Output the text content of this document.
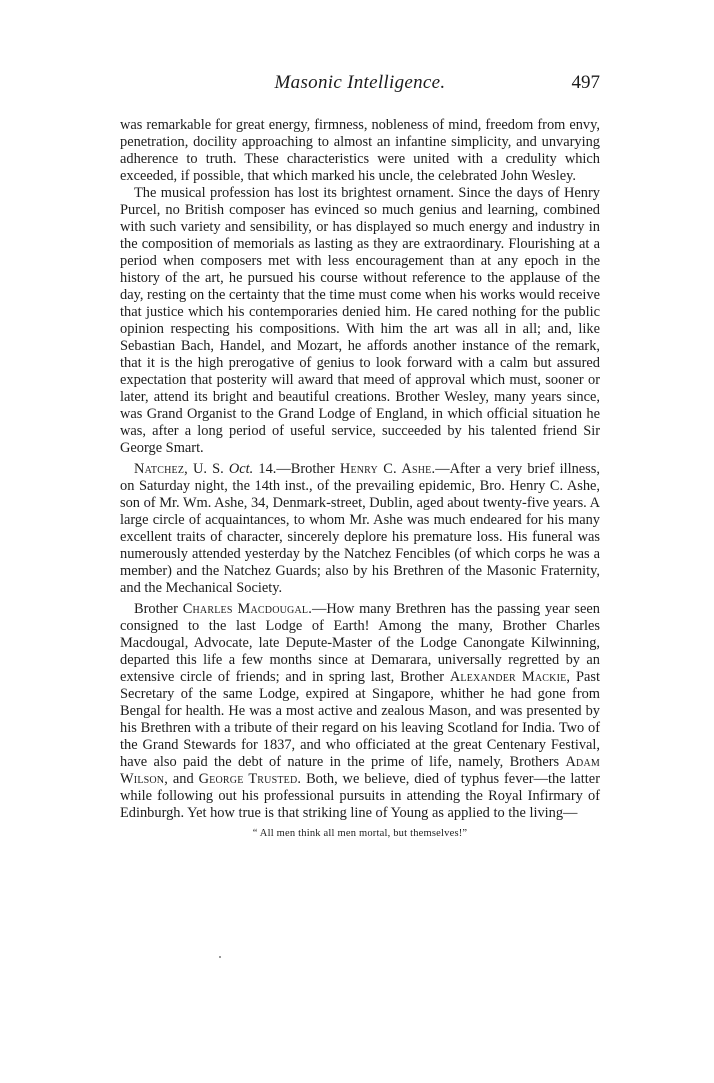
Masonic Intelligence.	497

was remarkable for great energy, firmness, nobleness of mind, freedom from envy, penetration, docility approaching to almost an infantine simplicity, and unvarying adherence to truth. These characteristics were united with a credulity which exceeded, if possible, that which marked his uncle, the celebrated John Wesley.

The musical profession has lost its brightest ornament. Since the days of Henry Purcel, no British composer has evinced so much genius and learning, combined with such variety and sensibility, or has displayed so much energy and industry in the composition of memorials as lasting as they are extraordinary. Flourishing at a period when composers met with less encouragement than at any epoch in the history of the art, he pursued his course without reference to the applause of the day, resting on the certainty that the time must come when his works would receive that justice which his contemporaries denied him. He cared nothing for the public opinion respecting his compositions. With him the art was all in all; and, like Sebastian Bach, Handel, and Mozart, he affords another instance of the remark, that it is the high prerogative of genius to look forward with a calm but assured expectation that posterity will award that meed of approval which must, sooner or later, attend its bright and beautiful creations. Brother Wesley, many years since, was Grand Organist to the Grand Lodge of England, in which official situation he was, after a long period of useful service, succeeded by his talented friend Sir George Smart.

Natchez, U. S. Oct. 14.—Brother Henry C. Ashe.—After a very brief illness, on Saturday night, the 14th inst., of the prevailing epidemic, Bro. Henry C. Ashe, son of Mr. Wm. Ashe, 34, Denmark-street, Dublin, aged about twenty-five years. A large circle of acquaintances, to whom Mr. Ashe was much endeared for his many excellent traits of character, sincerely deplore his premature loss. His funeral was numerously attended yesterday by the Natchez Fencibles (of which corps he was a member) and the Natchez Guards; also by his Brethren of the Masonic Fraternity, and the Mechanical Society.

Brother Charles Macdougal.—How many Brethren has the passing year seen consigned to the last Lodge of Earth! Among the many, Brother Charles Macdougal, Advocate, late Depute-Master of the Lodge Canongate Kilwinning, departed this life a few months since at Demarara, universally regretted by an extensive circle of friends; and in spring last, Brother Alexander Mackie, Past Secretary of the same Lodge, expired at Singapore, whither he had gone from Bengal for health. He was a most active and zealous Mason, and was presented by his Brethren with a tribute of their regard on his leaving Scotland for India. Two of the Grand Stewards for 1837, and who officiated at the great Centenary Festival, have also paid the debt of nature in the prime of life, namely, Brothers Adam Wilson, and George Trusted. Both, we believe, died of typhus fever—the latter while following out his professional pursuits in attending the Royal Infirmary of Edinburgh. Yet how true is that striking line of Young as applied to the living—

“ All men think all men mortal, but themselves!”
